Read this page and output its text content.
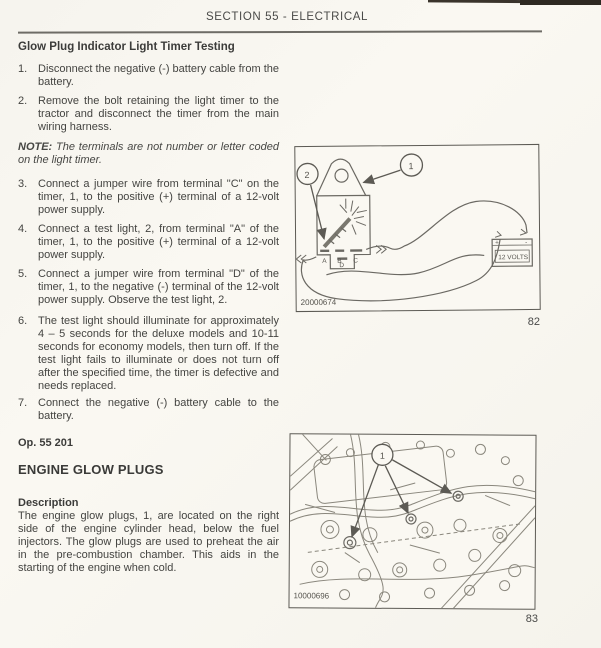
SECTION 55 - ELECTRICAL
Glow Plug Indicator Light Timer Testing
1. Disconnect the negative (-) battery cable from the battery.
2. Remove the bolt retaining the light timer to the tractor and disconnect the timer from the main wiring harness.

NOTE: The terminals are not number or letter coded on the light timer.

3. Connect a jumper wire from terminal "C" on the timer, 1, to the positive (+) terminal of a 12-volt power supply.
4. Connect a test light, 2, from terminal "A" of the timer, 1, to the positive (+) terminal of a 12-volt power supply.
5. Connect a jumper wire from terminal "D" of the timer, 1, to the negative (-) terminal of the 12-volt power supply. Observe the test light, 2.
6. The test light should illuminate for approximately 4 – 5 seconds for the deluxe models and 10-11 seconds for economy models, then turn off. If the test light fails to illuminate or does not turn off after the specified time, the timer is defective and needs replaced.
7. Connect the negative (-) battery cable to the battery.

Op. 55 201

ENGINE GLOW PLUGS

Description

The engine glow plugs, 1, are located on the right side of the engine cylinder head, below the fuel injectors. The glow plugs are used to preheat the air in the pre-combustion chamber. This aids in the starting of the engine when cold.

1
2
A B C
D
+	-
12 VOLTS
20000674
82
1
10000696
83
